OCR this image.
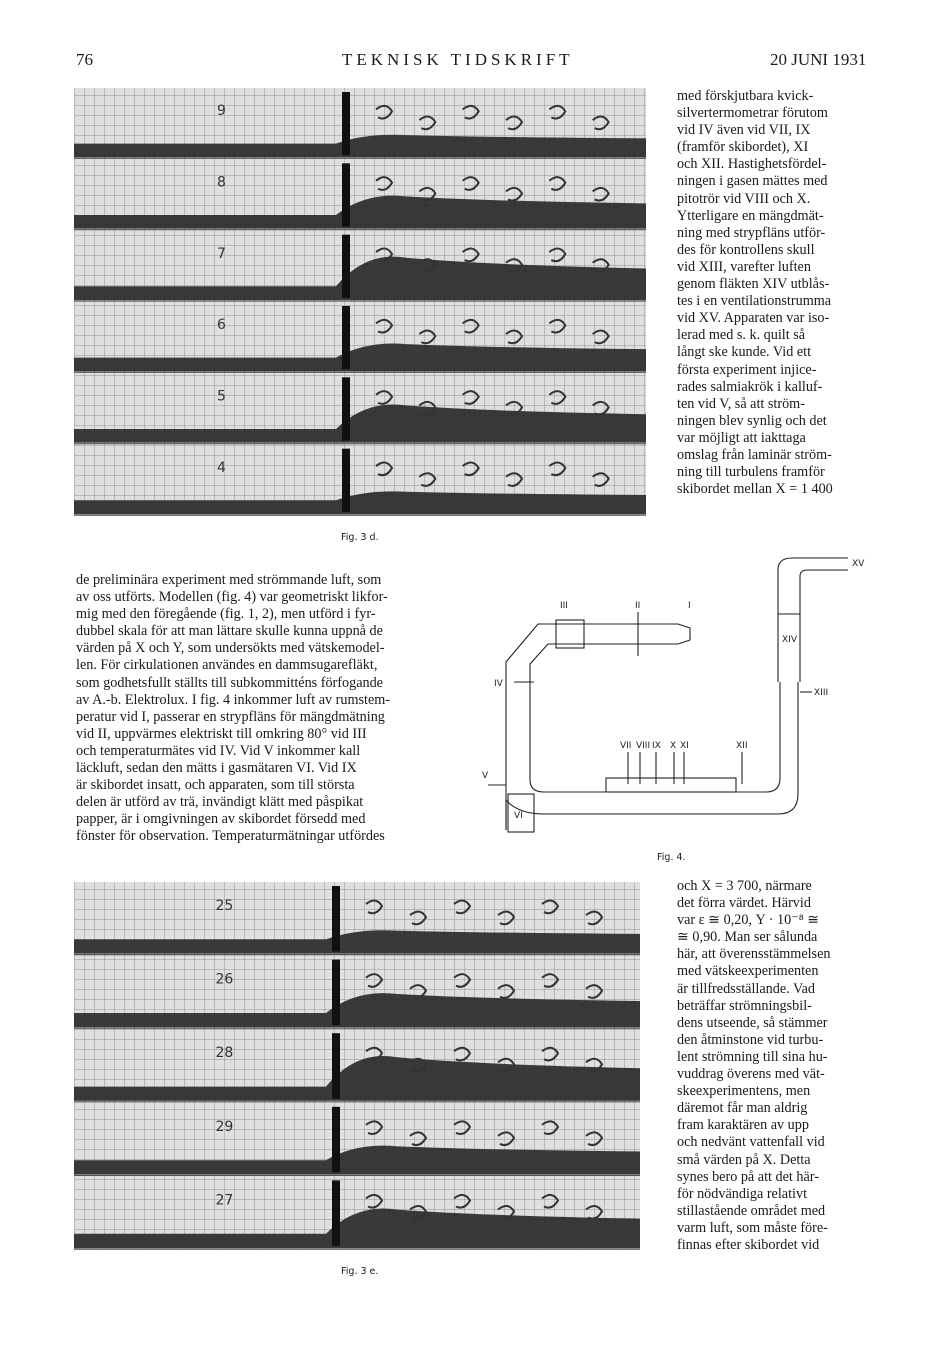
76	TEKNISK TIDSKRIFT	20 JUNI 1931
9
8
7
6
5
4
Fig. 3 d.
med förskjutbara kvick-
silvertermometrar förutom
vid IV även vid VII, IX
(framför skibordet), XI
och XII. Hastighetsfördel-
ningen i gasen mättes med
pitotrör vid VIII och X.
Ytterligare en mängdmät-
ning med strypfläns utför-
des för kontrollens skull
vid XIII, varefter luften
genom fläkten XIV utblås-
tes i en ventilationstrumma
vid XV. Apparaten var iso-
lerad med s. k. quilt så
långt ske kunde. Vid ett
första experiment injice-
rades salmiakrök i kalluf-
ten vid V, så att ström-
ningen blev synlig och det
var möjligt att iakttaga
omslag från laminär ström-
ning till turbulens framför
skibordet mellan X = 1 400
de preliminära experiment med strömmande luft, som
av oss utförts. Modellen (fig. 4) var geometriskt likfor-
mig med den föregående (fig. 1, 2), men utförd i fyr-
dubbel skala för att man lättare skulle kunna uppnå de
värden på X och Y, som undersökts med vätskemodel-
len. För cirkulationen användes en dammsugarefläkt,
som godhetsfullt ställts till subkommitténs förfogande
av A.-b. Elektrolux. I fig. 4 inkommer luft av rumstem-
peratur vid I, passerar en strypfläns för mängdmätning
vid II, uppvärmes elektriskt till omkring 80° vid III
och temperaturmätes vid IV. Vid V inkommer kall
läckluft, sedan den mätts i gasmätaren VI. Vid IX
är skibordet insatt, och apparaten, som till största
delen är utförd av trä, invändigt klätt med påspikat
papper, är i omgivningen av skibordet försedd med
fönster för observation. Temperaturmätningar utfördes
III	II	I
XV
XIV
XIII
IV
VII VIII IX X XI	XII
V
VI
Fig. 4.
25
26
28
29
27
Fig. 3 e.
och X = 3 700, närmare
det förra värdet. Härvid
var ε ≅ 0,20, Y · 10⁻⁸ ≅
≅ 0,90. Man ser sålunda
här, att överensstämmelsen
med vätskeexperimenten
är tillfredsställande. Vad
beträffar strömningsbil-
dens utseende, så stämmer
den åtminstone vid turbu-
lent strömning till sina hu-
vuddrag överens med vät-
skeexperimentens, men
däremot får man aldrig
fram karaktären av upp
och nedvänt vattenfall vid
små värden på X. Detta
synes bero på att det här-
för nödvändiga relativt
stillastående området med
varm luft, som måste före-
finnas efter skibordet vid
